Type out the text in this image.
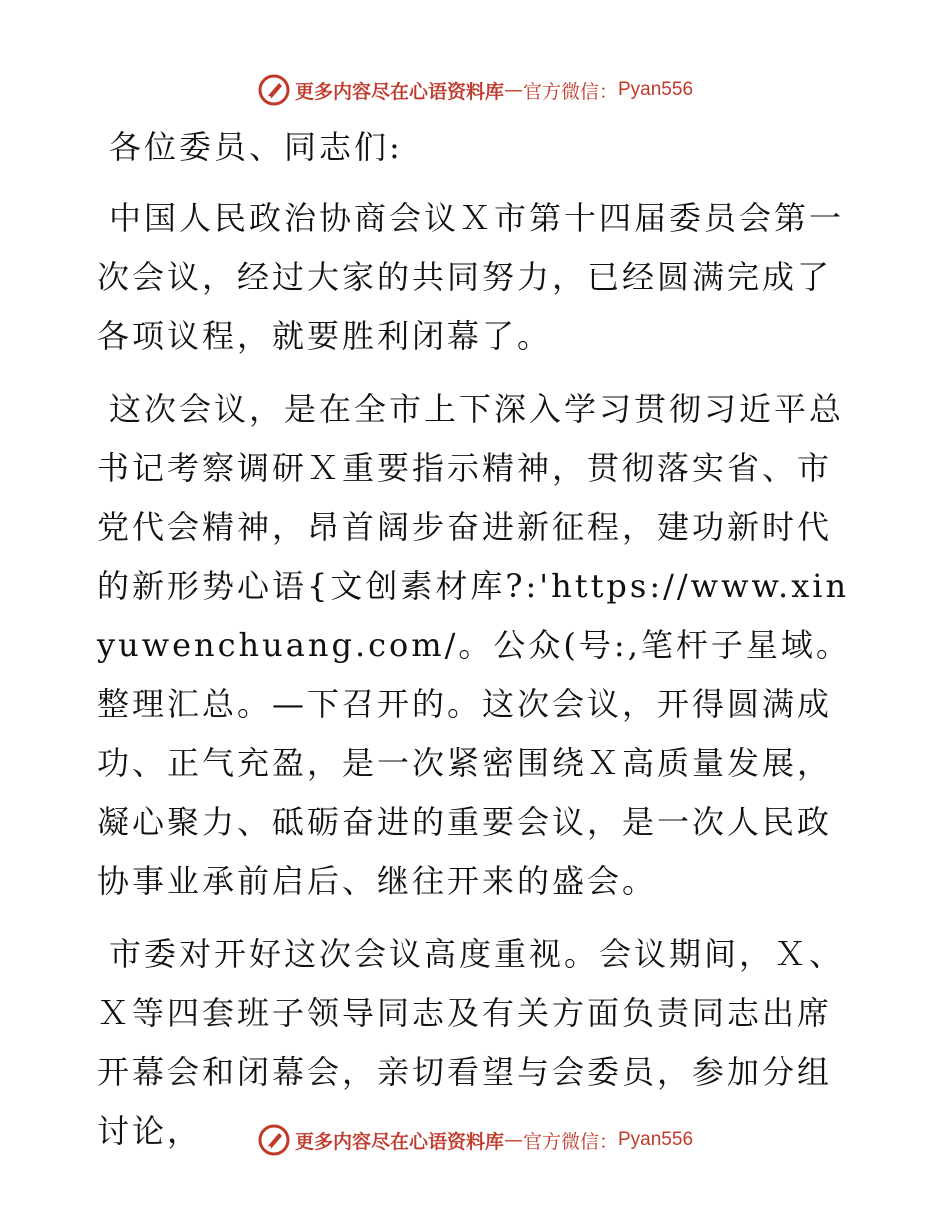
更多内容尽在心语资料库 — 官方微信： Pyan556

各位委员、同志们:

中国人民政治协商会议Ｘ市第十四届委员会第一次会议，经过大家的共同努力，已经圆满完成了各项议程，就要胜利闭幕了。

这次会议，是在全市上下深入学习贯彻习近平总书记考察调研Ｘ重要指示精神，贯彻落实省、市党代会精神，昂首阔步奋进新征程，建功新时代的新形势心语{文创素材库?:'https://www.xinyuwenchuang.com/。公众(号:,笔杆子星域。整理汇总。—下召开的。这次会议，开得圆满成功、正气充盈，是一次紧密围绕Ｘ高质量发展，凝心聚力、砥砺奋进的重要会议，是一次人民政协事业承前启后、继往开来的盛会。

市委对开好这次会议高度重视。会议期间，Ｘ、Ｘ等四套班子领导同志及有关方面负责同志出席开幕会和闭幕会，亲切看望与会委员，参加分组讨论，	更多内容尽在心语资料库 — 官方微信： Pyan556
